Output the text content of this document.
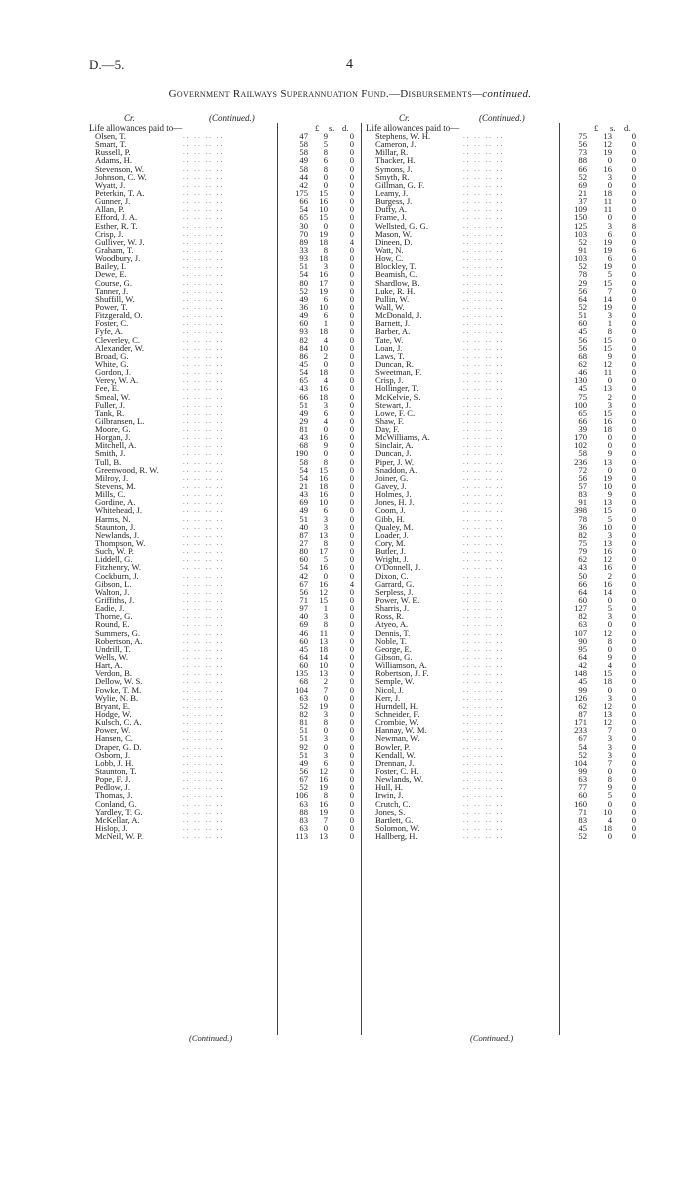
D.—5.	4
Government Railways Superannuation Fund.—Disbursements—continued.
Cr.	(Continued.)
Life allowances paid to—	£ s. d.
Cr.	(Continued.)
Life allowances paid to—	£ s. d.
Olsen, T.	.. .. .. ..	47	9	0
Smart, T.	.. .. .. ..	58	5	0
Russell, P.	.. .. .. ..	58	8	0
Adams, H.	.. .. .. ..	49	6	0
Stevenson, W.	.. .. .. ..	58	8	0
Johnson, C. W.	.. .. .. ..	44	0	0
Wyatt, J.	.. .. .. ..	42	0	0
Peterkin, T. A.	.. .. .. ..	175	15	0
Gunner, J.	.. .. .. ..	66	16	0
Allan, P.	.. .. .. ..	54	10	0
Efford, J. A.	.. .. .. ..	65	15	0
Esther, R. T.	.. .. .. ..	30	0	0
Crisp, J.	.. .. .. ..	70	19	0
Gulliver, W. J.	.. .. .. ..	89	18	4
Graham, T.	.. .. .. ..	33	8	0
Woodbury, J.	.. .. .. ..	93	18	0
Bailey, I.	.. .. .. ..	51	3	0
Dewe, E.	.. .. .. ..	54	16	0
Course, G.	.. .. .. ..	80	17	0
Tanner, J.	.. .. .. ..	52	19	0
Shuffill, W.	.. .. .. ..	49	6	0
Power, T.	.. .. .. ..	36	10	0
Fitzgerald, O.	.. .. .. ..	49	6	0
Foster, C.	.. .. .. ..	60	1	0
Fyfe, A.	.. .. .. ..	93	18	0
Cleverley, C.	.. .. .. ..	82	4	0
Alexander, W.	.. .. .. ..	84	10	0
Broad, G.	.. .. .. ..	86	2	0
White, G.	.. .. .. ..	45	0	0
Gordon, J.	.. .. .. ..	54	18	0
Verey, W. A.	.. .. .. ..	65	4	0
Fee, E.	.. .. .. ..	43	16	0
Smeal, W.	.. .. .. ..	66	18	0
Fuller, J.	.. .. .. ..	51	3	0
Tank, R.	.. .. .. ..	49	6	0
Gilbransen, L.	.. .. .. ..	29	4	0
Moore, G.	.. .. .. ..	81	0	0
Horgan, J.	.. .. .. ..	43	16	0
Mitchell, A.	.. .. .. ..	68	9	0
Smith, J.	.. .. .. ..	190	0	0
Tull, B.	.. .. .. ..	58	8	0
Greenwood, R. W.	.. .. .. ..	54	15	0
Milroy, J.	.. .. .. ..	54	16	0
Stevens, M.	.. .. .. ..	21	18	0
Mills, C.	.. .. .. ..	43	16	0
Gordine, A.	.. .. .. ..	69	10	0
Whitehead, J.	.. .. .. ..	49	6	0
Harms, N.	.. .. .. ..	51	3	0
Staunton, J.	.. .. .. ..	40	3	0
Newlands, J.	.. .. .. ..	87	13	0
Thompson, W.	.. .. .. ..	27	8	0
Such, W. P.	.. .. .. ..	80	17	0
Liddell, G.	.. .. .. ..	60	5	0
Fitzhenry, W.	.. .. .. ..	54	16	0
Cockburn, J.	.. .. .. ..	42	0	0
Gibson, L.	.. .. .. ..	67	16	4
Walton, J.	.. .. .. ..	56	12	0
Griffiths, J.	.. .. .. ..	71	15	0
Eadie, J.	.. .. .. ..	97	1	0
Thorne, G.	.. .. .. ..	40	3	0
Round, E.	.. .. .. ..	69	8	0
Summers, G.	.. .. .. ..	46	11	0
Robertson, A.	.. .. .. ..	60	13	0
Undrill, T.	.. .. .. ..	45	18	0
Wells, W.	.. .. .. ..	64	14	0
Hart, A.	.. .. .. ..	60	10	0
Verdon, B.	.. .. .. ..	135	13	0
Dellow, W. S.	.. .. .. ..	68	2	0
Fowke, T. M.	.. .. .. ..	104	7	0
Wylie, N. B.	.. .. .. ..	63	0	0
Bryant, E.	.. .. .. ..	52	19	0
Hodge, W.	.. .. .. ..	82	3	0
Kulsch, C. A.	.. .. .. ..	81	8	0
Power, W.	.. .. .. ..	51	0	0
Hansen, C.	.. .. .. ..	51	3	0
Draper, G. D.	.. .. .. ..	92	0	0
Osborn, J.	.. .. .. ..	51	3	0
Lobb, J. H.	.. .. .. ..	49	6	0
Staunton, T.	.. .. .. ..	56	12	0
Pope, F. J.	.. .. .. ..	67	16	0
Pedlow, J.	.. .. .. ..	52	19	0
Thomas, J.	.. .. .. ..	106	8	0
Conland, G.	.. .. .. ..	63	16	0
Yardley, T. G.	.. .. .. ..	88	19	0
McKellar, A.	.. .. .. ..	83	7	0
Hislop, J.	.. .. .. ..	63	0	0
McNeil, W. P.	.. .. .. ..	113	13	0
Stephens, W. H.	.. .. .. ..	75	13	0
Cameron, J.	.. .. .. ..	56	12	0
Millar, R.	.. .. .. ..	73	19	0
Thacker, H.	.. .. .. ..	88	0	0
Symons, J.	.. .. .. ..	66	16	0
Smyth, R.	.. .. .. ..	52	3	0
Gillman, G. F.	.. .. .. ..	69	0	0
Leamy, J.	.. .. .. ..	21	18	0
Burgess, J.	.. .. .. ..	37	11	0
Duffy, A.	.. .. .. ..	109	11	0
Frame, J.	.. .. .. ..	150	0	0
Wellsted, G. G.	.. .. .. ..	125	3	8
Mason, W.	.. .. .. ..	103	6	0
Dineen, D.	.. .. .. ..	52	19	0
Watt, N.	.. .. .. ..	91	19	6
How, C.	.. .. .. ..	103	6	0
Blockley, T.	.. .. .. ..	52	19	0
Beamish, C.	.. .. .. ..	78	5	0
Shardlow, B.	.. .. .. ..	29	15	0
Luke, R. H.	.. .. .. ..	56	7	0
Pullin, W.	.. .. .. ..	64	14	0
Wall, W.	.. .. .. ..	52	19	0
McDonald, J.	.. .. .. ..	51	3	0
Barnett, J.	.. .. .. ..	60	1	0
Barber, A.	.. .. .. ..	45	8	0
Tate, W.	.. .. .. ..	56	15	0
Loan, J.	.. .. .. ..	56	15	0
Laws, T.	.. .. .. ..	68	9	0
Duncan, R.	.. .. .. ..	62	12	0
Sweetman, F.	.. .. .. ..	46	11	0
Crisp, J.	.. .. .. ..	130	0	0
Hollinger, T.	.. .. .. ..	45	13	0
McKelvie, S.	.. .. .. ..	75	2	0
Stewart, J.	.. .. .. ..	100	3	0
Lowe, F. C.	.. .. .. ..	65	15	0
Shaw, F.	.. .. .. ..	66	16	0
Day, F.	.. .. .. ..	39	18	0
McWilliams, A.	.. .. .. ..	170	0	0
Sinclair, A.	.. .. .. ..	102	0	0
Duncan, J.	.. .. .. ..	58	9	0
Piper, J. W.	.. .. .. ..	236	13	0
Snaddon, A.	.. .. .. ..	72	0	0
Joiner, G.	.. .. .. ..	56	19	0
Gavey, J.	.. .. .. ..	57	10	0
Holmes, J.	.. .. .. ..	83	9	0
Jones, H. J.	.. .. .. ..	91	13	0
Coom, J.	.. .. .. ..	398	15	0
Gibb, H.	.. .. .. ..	78	5	0
Qualey, M.	.. .. .. ..	36	10	0
Loader, J.	.. .. .. ..	82	3	0
Cory, M.	.. .. .. ..	75	13	0
Butler, J.	.. .. .. ..	79	16	0
Wright, J.	.. .. .. ..	62	12	0
O'Donnell, J.	.. .. .. ..	43	16	0
Dixon, C.	.. .. .. ..	50	2	0
Garrard, G.	.. .. .. ..	66	16	0
Serpless, J.	.. .. .. ..	64	14	0
Power, W. E.	.. .. .. ..	60	0	0
Sharris, J.	.. .. .. ..	127	5	0
Ross, R.	.. .. .. ..	82	3	0
Atyeo, A.	.. .. .. ..	63	0	0
Dennis, T.	.. .. .. ..	107	12	0
Noble, T.	.. .. .. ..	90	8	0
George, E.	.. .. .. ..	95	0	0
Gibson, G.	.. .. .. ..	64	9	0
Williamson, A.	.. .. .. ..	42	4	0
Robertson, J. F.	.. .. .. ..	148	15	0
Semple, W.	.. .. .. ..	45	18	0
Nicol, J.	.. .. .. ..	99	0	0
Kerr, J.	.. .. .. ..	126	3	0
Hurndell, H.	.. .. .. ..	62	12	0
Schneider, F.	.. .. .. ..	87	13	0
Crombie, W.	.. .. .. ..	171	12	0
Hannay, W. M.	.. .. .. ..	233	7	0
Newman, W.	.. .. .. ..	67	3	0
Bowler, P.	.. .. .. ..	54	3	0
Kendall, W.	.. .. .. ..	52	3	0
Drennan, J.	.. .. .. ..	104	7	0
Foster, C. H.	.. .. .. ..	99	0	0
Newlands, W.	.. .. .. ..	63	8	0
Hull, H.	.. .. .. ..	77	9	0
Irwin, J.	.. .. .. ..	60	5	0
Crutch, C.	.. .. .. ..	160	0	0
Jones, S.	.. .. .. ..	71	10	0
Bartlett, G.	.. .. .. ..	83	4	0
Solomon, W.	.. .. .. ..	45	18	0
Hallberg, H.	.. .. .. ..	52	0	0
(Continued.)	(Continued.)
